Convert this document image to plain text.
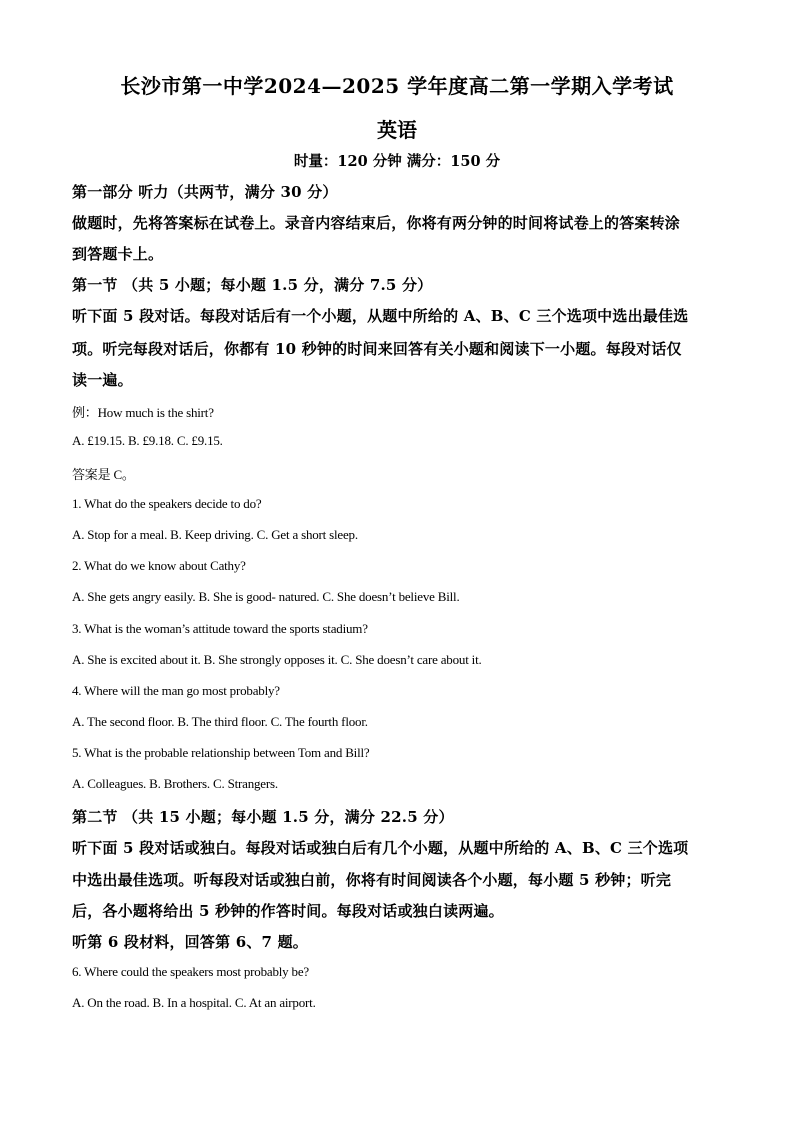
长沙市第一中学2024—2025 学年度高二第一学期入学考试
英语
时量：120 分钟 满分：150 分
第一部分 听力（共两节，满分 30 分）
做题时，先将答案标在试卷上。录音内容结束后，你将有两分钟的时间将试卷上的答案转涂
到答题卡上。
第一节 （共 5 小题；每小题 1.5 分，满分 7.5 分）
听下面 5 段对话。每段对话后有一个小题，从题中所给的 A、B、C 三个选项中选出最佳选
项。听完每段对话后，你都有 10 秒钟的时间来回答有关小题和阅读下一小题。每段对话仅
读一遍。
例：How much is the shirt?
A. £19.15. B. £9.18. C. £9.15.
答案是 C。
1. What do the speakers decide to do?
A. Stop for a meal. B. Keep driving. C. Get a short sleep.
2. What do we know about Cathy?
A. She gets angry easily. B. She is good- natured. C. She doesn’t believe Bill.
3. What is the woman’s attitude toward the sports stadium?
A. She is excited about it. B. She strongly opposes it. C. She doesn’t care about it.
4. Where will the man go most probably?
A. The second floor. B. The third floor. C. The fourth floor.
5. What is the probable relationship between Tom and Bill?
A. Colleagues. B. Brothers. C. Strangers.
第二节 （共 15 小题；每小题 1.5 分，满分 22.5 分）
听下面 5 段对话或独白。每段对话或独白后有几个小题，从题中所给的 A、B、C 三个选项
中选出最佳选项。听每段对话或独白前，你将有时间阅读各个小题，每小题 5 秒钟；听完
后，各小题将给出 5 秒钟的作答时间。每段对话或独白读两遍。
听第 6 段材料，回答第 6、7 题。
6. Where could the speakers most probably be?
A. On the road. B. In a hospital. C. At an airport.
